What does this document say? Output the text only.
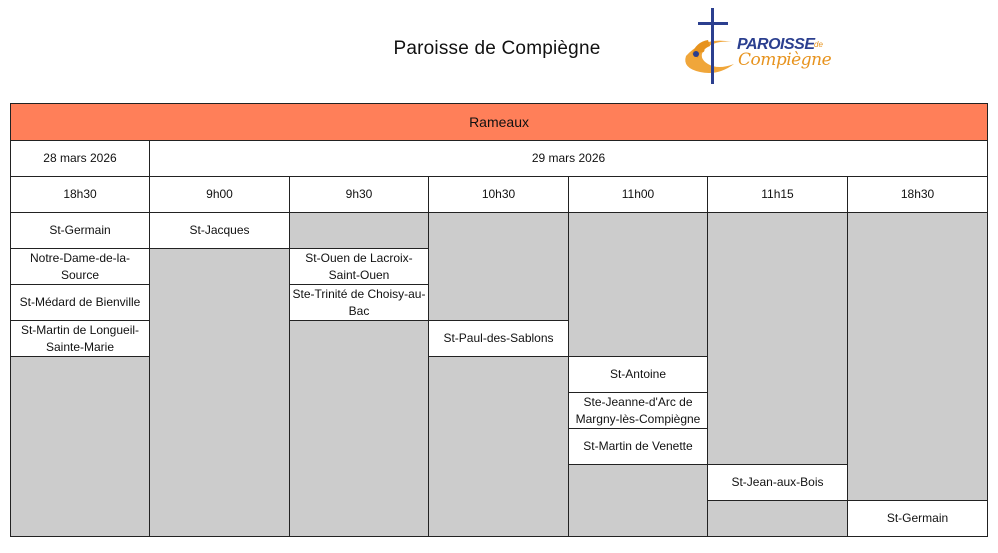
Paroisse de Compiègne	PAROISSE de
Compiègne
Rameaux						
28 mars 2026	29 mars 2026					
18h30	9h00	9h30	10h30	11h00	11h15	18h30
St-Germain	St-Jacques					
Notre-Dame-de-la-Source		St-Ouen de Lacroix-Saint-Ouen				
St-Médard de Bienville		Ste-Trinité de Choisy-au-Bac				
St-Martin de Longueil-Sainte-Marie			St-Paul-des-Sablons			
				St-Antoine		
				Ste-Jeanne-d'Arc de Margny-lès-Compiègne		
				St-Martin de Venette		
					St-Jean-aux-Bois	
						St-Germain
